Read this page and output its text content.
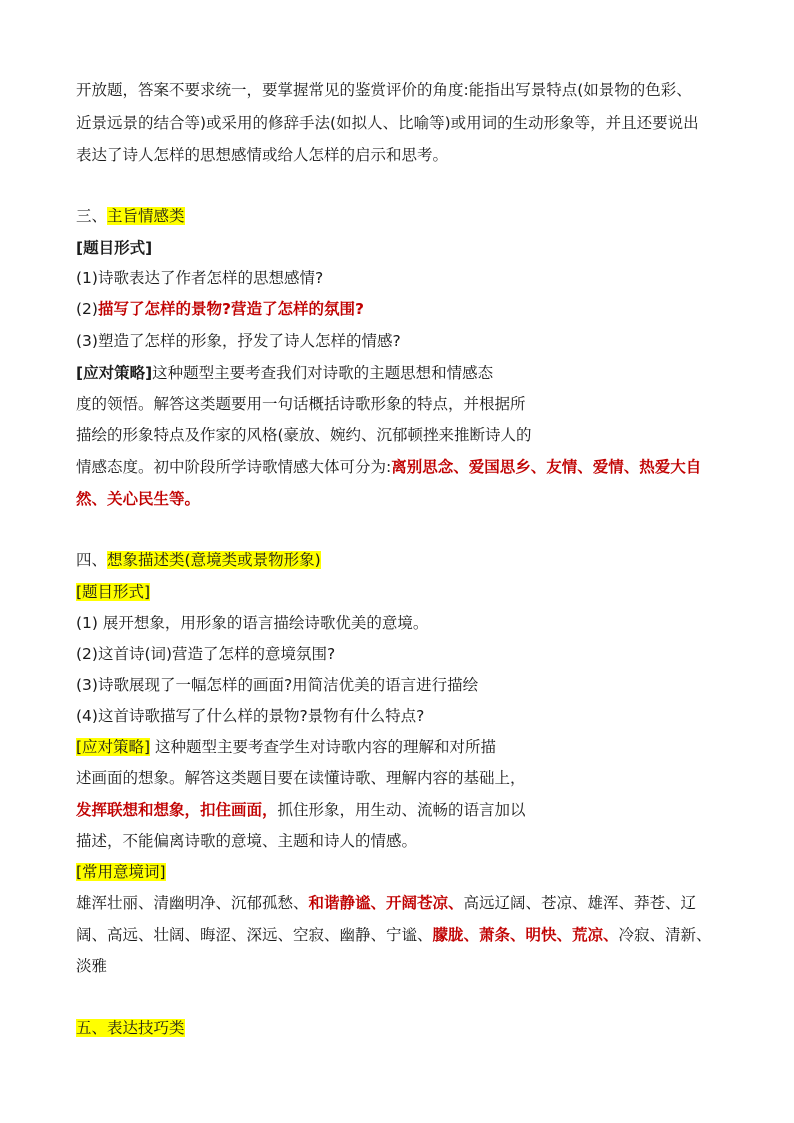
开放题，答案不要求统一，要掌握常见的鉴赏评价的角度:能指出写景特点(如景物的色彩、
近景远景的结合等)或采用的修辞手法(如拟人、比喻等)或用词的生动形象等，并且还要说出
表达了诗人怎样的思想感情或给人怎样的启示和思考。
三、主旨情感类
[题目形式]
(1)诗歌表达了作者怎样的思想感情?
(2)描写了怎样的景物?营造了怎样的氛围?
(3)塑造了怎样的形象，抒发了诗人怎样的情感?
[应对策略]这种题型主要考查我们对诗歌的主题思想和情感态
度的领悟。解答这类题要用一句话概括诗歌形象的特点，并根据所
描绘的形象特点及作家的风格(豪放、婉约、沉郁顿挫来推断诗人的
情感态度。初中阶段所学诗歌情感大体可分为:离别思念、爱国思乡、友情、爱情、热爱大自
然、关心民生等。
四、想象描述类(意境类或景物形象)
[题目形式]
(1) 展开想象，用形象的语言描绘诗歌优美的意境。
(2)这首诗(词)营造了怎样的意境氛围?
(3)诗歌展现了一幅怎样的画面?用简洁优美的语言进行描绘
(4)这首诗歌描写了什么样的景物?景物有什么特点?
[应对策略] 这种题型主要考查学生对诗歌内容的理解和对所描
述画面的想象。解答这类题目要在读懂诗歌、理解内容的基础上，
发挥联想和想象，扣住画面，抓住形象，用生动、流畅的语言加以
描述，不能偏离诗歌的意境、主题和诗人的情感。
[常用意境词]
雄浑壮丽、清幽明净、沉郁孤愁、和谐静谧、开阔苍凉、高远辽阔、苍凉、雄浑、莽苍、辽
阔、高远、壮阔、晦涩、深远、空寂、幽静、宁谧、朦胧、萧条、明快、荒凉、冷寂、清新、
淡雅
五、表达技巧类
